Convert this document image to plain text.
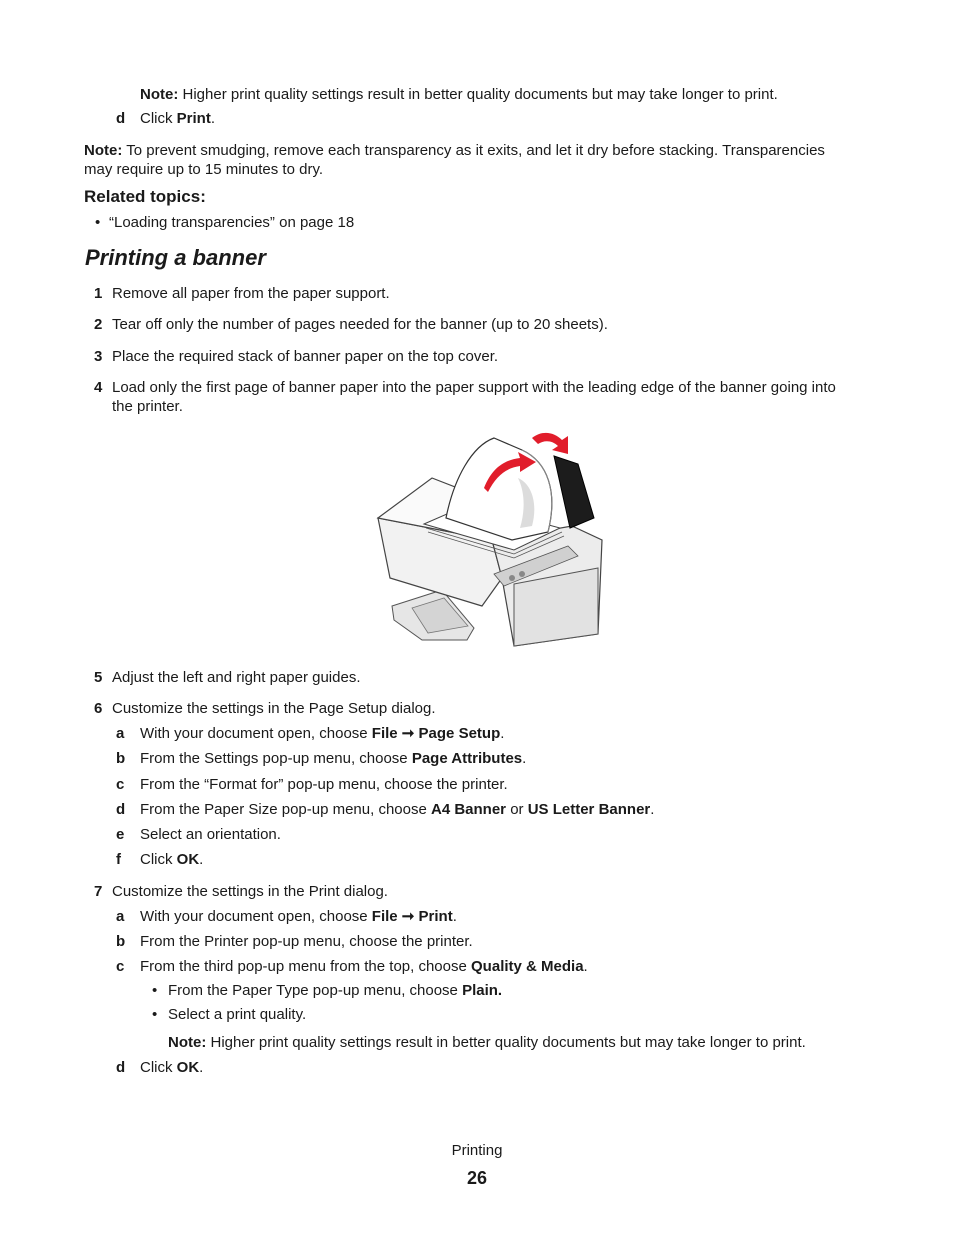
Note: Higher print quality settings result in better quality documents but may take longer to print.
d Click Print.
Note: To prevent smudging, remove each transparency as it exits, and let it dry before stacking. Transparencies
may require up to 15 minutes to dry.
Related topics:
• “Loading transparencies” on page 18
Printing a banner
1 Remove all paper from the paper support.
2 Tear off only the number of pages needed for the banner (up to 20 sheets).
3 Place the required stack of banner paper on the top cover.
4 Load only the first page of banner paper into the paper support with the leading edge of the banner going into
the printer.
5 Adjust the left and right paper guides.
6 Customize the settings in the Page Setup dialog.
a With your document open, choose File ➞ Page Setup.
b From the Settings pop-up menu, choose Page Attributes.
c From the “Format for” pop-up menu, choose the printer.
d From the Paper Size pop-up menu, choose A4 Banner or US Letter Banner.
e Select an orientation.
f Click OK.
7 Customize the settings in the Print dialog.
a With your document open, choose File ➞ Print.
b From the Printer pop-up menu, choose the printer.
c From the third pop-up menu from the top, choose Quality & Media.
• From the Paper Type pop-up menu, choose Plain.
• Select a print quality.
Note: Higher print quality settings result in better quality documents but may take longer to print.
d Click OK.
Printing
26
